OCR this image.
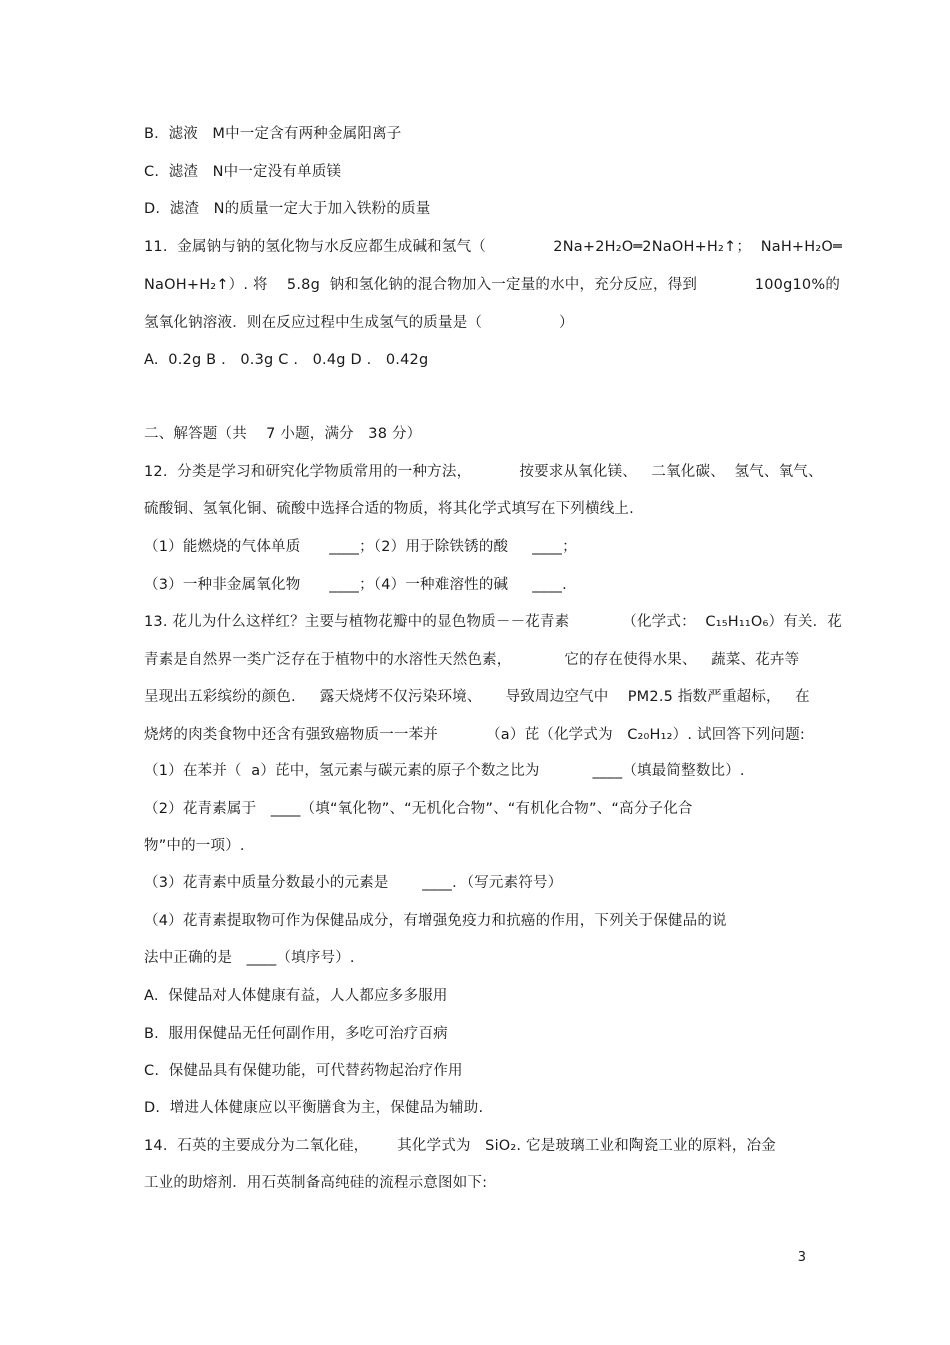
B.  滤液   M中一定含有两种金属阳离子
C.  滤渣   N中一定没有单质镁
D.  滤渣   N的质量一定大于加入铁粉的质量
11.  金属钠与钠的氢化物与水反应都生成碱和氢气（              2Na+2H₂O═2NaOH+H₂↑；  NaH+H₂O═
NaOH+H₂↑）. 将    5.8g  钠和氢化钠的混合物加入一定量的水中，充分反应，得到            100g10%的
氢氧化钠溶液．则在反应过程中生成氢气的质量是（                ）
A.  0.2g B .   0.3g C .   0.4g D .   0.42g
二、解答题（共    7 小题，满分   38 分）
12.  分类是学习和研究化学物质常用的一种方法，          按要求从氧化镁、   二氧化碳、  氢气、氧气、
硫酸铜、氢氧化铜、硫酸中选择合适的物质，将其化学式填写在下列横线上.
（1）能燃烧的气体单质      ____；（2）用于除铁锈的酸     ____；
（3）一种非金属氧化物      ____；（4）一种难溶性的碱     ____.
13. 花儿为什么这样红？主要与植物花瓣中的显色物质－－花青素           （化学式：  C₁₅H₁₁O₆）有关．花
青素是自然界一类广泛存在于植物中的水溶性天然色素，           它的存在使得水果、   蔬菜、花卉等
呈现出五彩缤纷的颜色.     露天烧烤不仅污染环境、     导致周边空气中    PM2.5 指数严重超标，   在
烧烤的肉类食物中还含有强致癌物质一一苯并          （a）芘（化学式为   C₂₀H₁₂）. 试回答下列问题:
（1）在苯并（  a）芘中，氢元素与碳元素的原子个数之比为           ____（填最简整数比）.
（2）花青素属于   ____（填“氧化物”、“无机化合物”、“有机化合物”、“高分子化合
物”中的一项）.
（3）花青素中质量分数最小的元素是       ____．（写元素符号）
（4）花青素提取物可作为保健品成分，有增强免疫力和抗癌的作用，下列关于保健品的说
法中正确的是   ____（填序号）.
A.  保健品对人体健康有益，人人都应多多服用
B.  服用保健品无任何副作用，多吃可治疗百病
C.  保健品具有保健功能，可代替药物起治疗作用
D.  增进人体健康应以平衡膳食为主，保健品为辅助.
14.  石英的主要成分为二氧化硅，      其化学式为   SiO₂. 它是玻璃工业和陶瓷工业的原料，冶金
工业的助熔剂．用石英制备高纯硅的流程示意图如下:
3
